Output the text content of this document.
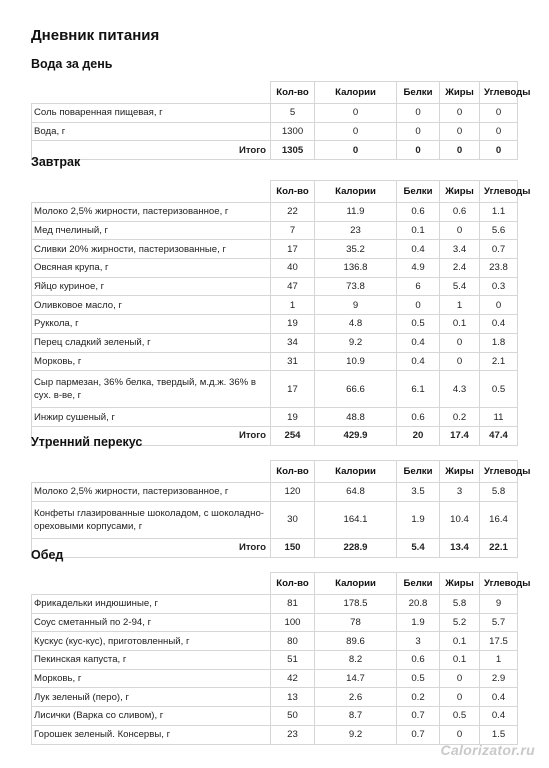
Дневник питания
Вода за день
	Кол-во	Калории	Белки	Жиры	Углеводы
Соль поваренная пищевая, г	5	0	0	0	0
Вода, г	1300	0	0	0	0
Итого	1305	0	0	0	0
Завтрак
	Кол-во	Калории	Белки	Жиры	Углеводы
Молоко 2,5% жирности, пастеризованное, г	22	11.9	0.6	0.6	1.1
Мед пчелиный, г	7	23	0.1	0	5.6
Сливки 20% жирности, пастеризованные, г	17	35.2	0.4	3.4	0.7
Овсяная крупа, г	40	136.8	4.9	2.4	23.8
Яйцо куриное, г	47	73.8	6	5.4	0.3
Оливковое масло, г	1	9	0	1	0
Руккола, г	19	4.8	0.5	0.1	0.4
Перец сладкий зеленый, г	34	9.2	0.4	0	1.8
Морковь, г	31	10.9	0.4	0	2.1
Сыр пармезан, 36% белка, твердый, м.д.ж. 36% в сух. в-ве, г	17	66.6	6.1	4.3	0.5
Инжир сушеный, г	19	48.8	0.6	0.2	11
Итого	254	429.9	20	17.4	47.4
Утренний перекус
	Кол-во	Калории	Белки	Жиры	Углеводы
Молоко 2,5% жирности, пастеризованное, г	120	64.8	3.5	3	5.8
Конфеты глазированные шоколадом, с шоколадно-ореховыми корпусами, г	30	164.1	1.9	10.4	16.4
Итого	150	228.9	5.4	13.4	22.1
Обед
	Кол-во	Калории	Белки	Жиры	Углеводы
Фрикадельки индюшиные, г	81	178.5	20.8	5.8	9
Соус сметанный по 2-94, г	100	78	1.9	5.2	5.7
Кускус (кус-кус), приготовленный, г	80	89.6	3	0.1	17.5
Пекинская капуста, г	51	8.2	0.6	0.1	1
Морковь, г	42	14.7	0.5	0	2.9
Лук зеленый (перо), г	13	2.6	0.2	0	0.4
Лисички (Варка со сливом), г	50	8.7	0.7	0.5	0.4
Горошек зеленый. Консервы, г	23	9.2	0.7	0	1.5
Calorizator.ru
